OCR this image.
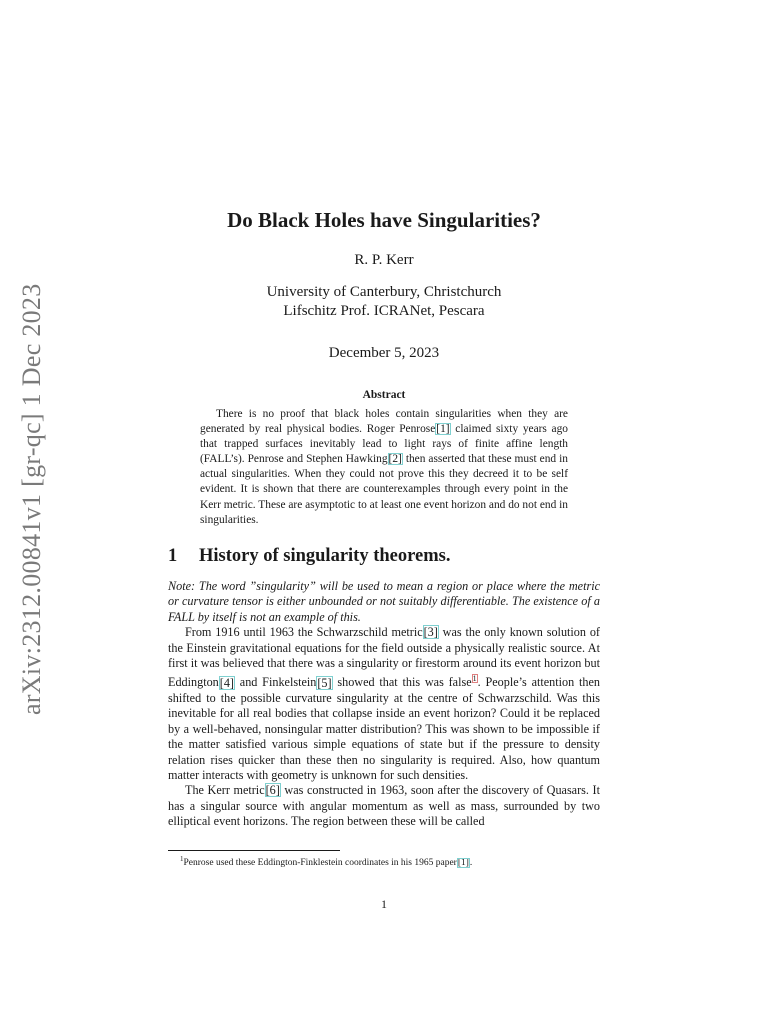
arXiv:2312.00841v1 [gr-qc] 1 Dec 2023
Do Black Holes have Singularities?
R. P. Kerr
University of Canterbury, Christchurch
Lifschitz Prof. ICRANet, Pescara
December 5, 2023
Abstract

There is no proof that black holes contain singularities when they are generated by real physical bodies. Roger Penrose[1] claimed sixty years ago that trapped surfaces inevitably lead to light rays of finite affine length (FALL’s). Penrose and Stephen Hawking[2] then asserted that these must end in actual singularities. When they could not prove this they decreed it to be self evident. It is shown that there are counterexamples through every point in the Kerr metric. These are asymptotic to at least one event horizon and do not end in singularities.

1 History of singularity theorems.

Note: The word ”singularity” will be used to mean a region or place where the metric or curvature tensor is either unbounded or not suitably differentiable. The existence of a FALL by itself is not an example of this.

From 1916 until 1963 the Schwarzschild metric[3] was the only known solution of the Einstein gravitational equations for the field outside a physically realistic source. At first it was believed that there was a singularity or firestorm around its event horizon but Eddington[4] and Finkelstein[5] showed that this was false$^1$. People’s attention then shifted to the possible curvature singularity at the centre of Schwarzschild. Was this inevitable for all real bodies that collapse inside an event horizon? Could it be replaced by a well-behaved, nonsingular matter distribution? This was shown to be impossible if the matter satisfied various simple equations of state but if the pressure to density relation rises quicker than these then no singularity is required. Also, how quantum matter interacts with geometry is unknown for such densities.

The Kerr metric[6] was constructed in 1963, soon after the discovery of Quasars. It has a singular source with angular momentum as well as mass, surrounded by two elliptical event horizons. The region between these will be called

$^1$Penrose used these Eddington-Finklestein coordinates in his 1965 paper[1].
1
